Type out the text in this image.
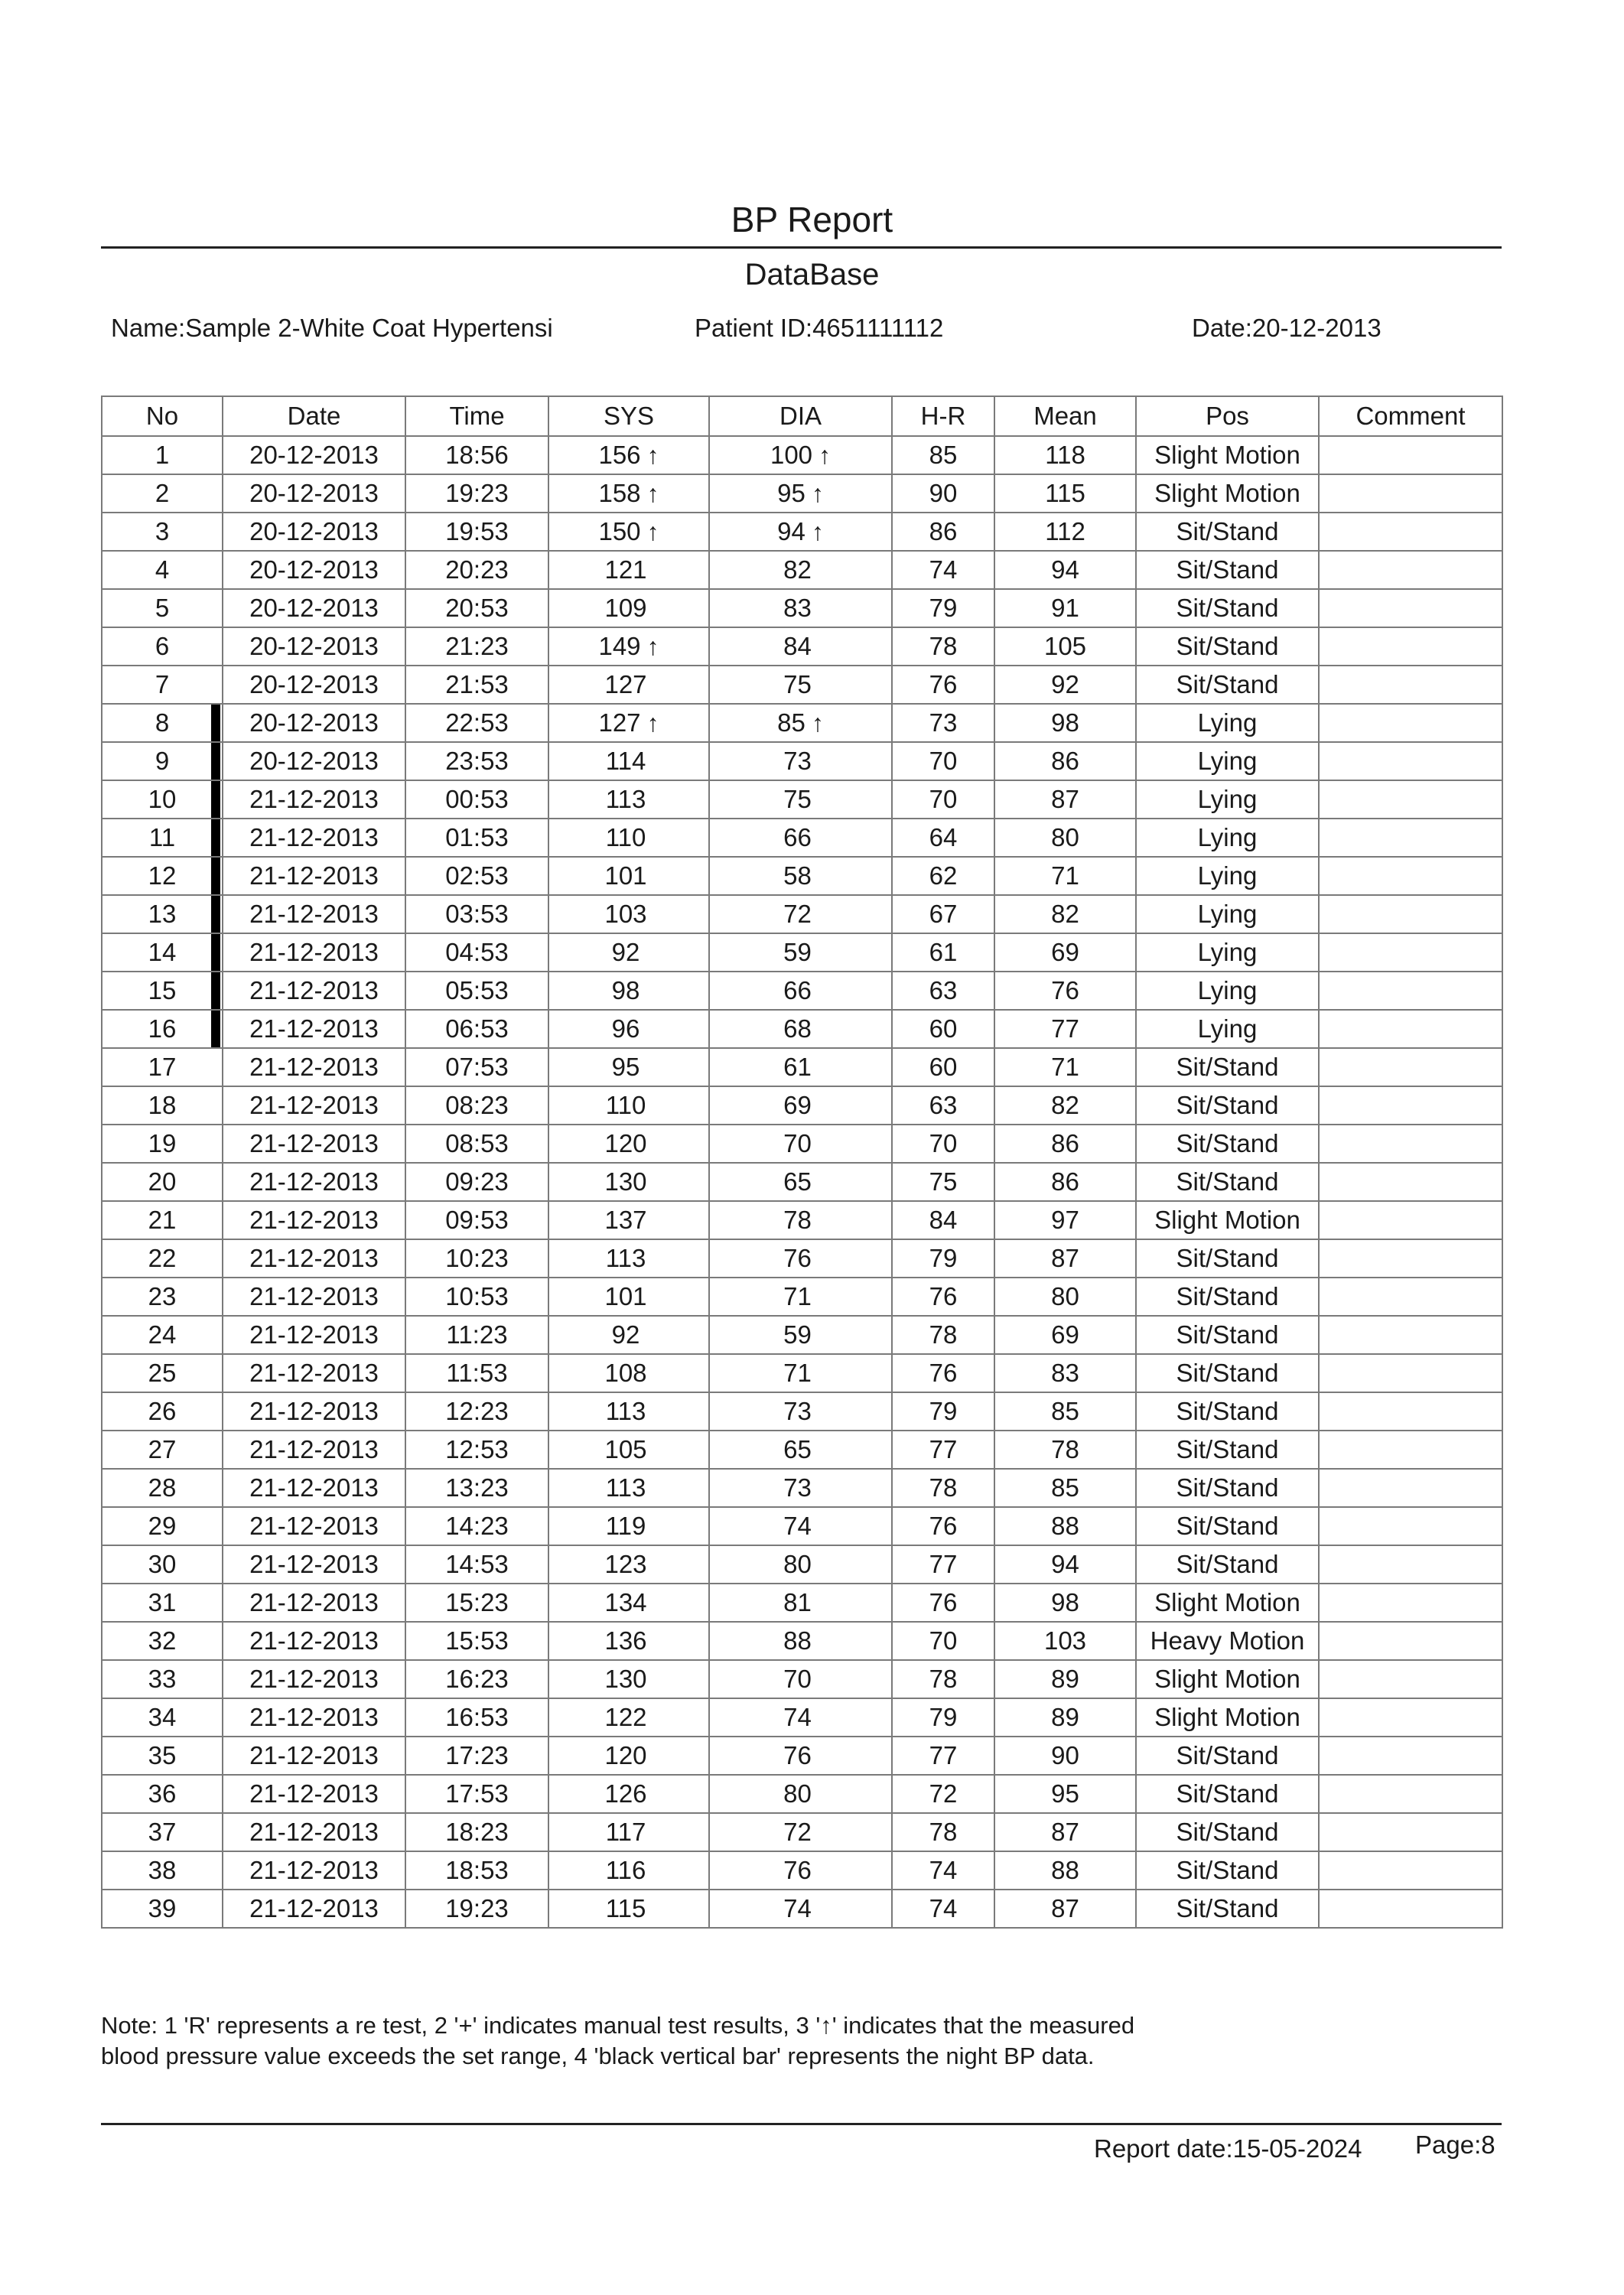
BP Report
DataBase
Name:Sample 2-White Coat Hypertensi	Patient ID:4651111112	Date:20-12-2013
No	Date	Time	SYS	DIA	H-R	Mean	Pos	Comment
1	20-12-2013	18:56	156 ↑	100 ↑	85	118	Slight Motion	
2	20-12-2013	19:23	158 ↑	95 ↑	90	115	Slight Motion	
3	20-12-2013	19:53	150 ↑	94 ↑	86	112	Sit/Stand	
4	20-12-2013	20:23	121	82	74	94	Sit/Stand	
5	20-12-2013	20:53	109	83	79	91	Sit/Stand	
6	20-12-2013	21:23	149 ↑	84	78	105	Sit/Stand	
7	20-12-2013	21:53	127	75	76	92	Sit/Stand	
8	20-12-2013	22:53	127 ↑	85 ↑	73	98	Lying	
9	20-12-2013	23:53	114	73	70	86	Lying	
10	21-12-2013	00:53	113	75	70	87	Lying	
11	21-12-2013	01:53	110	66	64	80	Lying	
12	21-12-2013	02:53	101	58	62	71	Lying	
13	21-12-2013	03:53	103	72	67	82	Lying	
14	21-12-2013	04:53	92	59	61	69	Lying	
15	21-12-2013	05:53	98	66	63	76	Lying	
16	21-12-2013	06:53	96	68	60	77	Lying	
17	21-12-2013	07:53	95	61	60	71	Sit/Stand	
18	21-12-2013	08:23	110	69	63	82	Sit/Stand	
19	21-12-2013	08:53	120	70	70	86	Sit/Stand	
20	21-12-2013	09:23	130	65	75	86	Sit/Stand	
21	21-12-2013	09:53	137	78	84	97	Slight Motion	
22	21-12-2013	10:23	113	76	79	87	Sit/Stand	
23	21-12-2013	10:53	101	71	76	80	Sit/Stand	
24	21-12-2013	11:23	92	59	78	69	Sit/Stand	
25	21-12-2013	11:53	108	71	76	83	Sit/Stand	
26	21-12-2013	12:23	113	73	79	85	Sit/Stand	
27	21-12-2013	12:53	105	65	77	78	Sit/Stand	
28	21-12-2013	13:23	113	73	78	85	Sit/Stand	
29	21-12-2013	14:23	119	74	76	88	Sit/Stand	
30	21-12-2013	14:53	123	80	77	94	Sit/Stand	
31	21-12-2013	15:23	134	81	76	98	Slight Motion	
32	21-12-2013	15:53	136	88	70	103	Heavy Motion	
33	21-12-2013	16:23	130	70	78	89	Slight Motion	
34	21-12-2013	16:53	122	74	79	89	Slight Motion	
35	21-12-2013	17:23	120	76	77	90	Sit/Stand	
36	21-12-2013	17:53	126	80	72	95	Sit/Stand	
37	21-12-2013	18:23	117	72	78	87	Sit/Stand	
38	21-12-2013	18:53	116	76	74	88	Sit/Stand	
39	21-12-2013	19:23	115	74	74	87	Sit/Stand	
Note: 1 'R' represents a re test, 2 '+' indicates manual test results, 3 '↑' indicates that the measured
blood pressure value exceeds the set range, 4 'black vertical bar' represents the night BP data.
Report date:15-05-2024 Page:8
